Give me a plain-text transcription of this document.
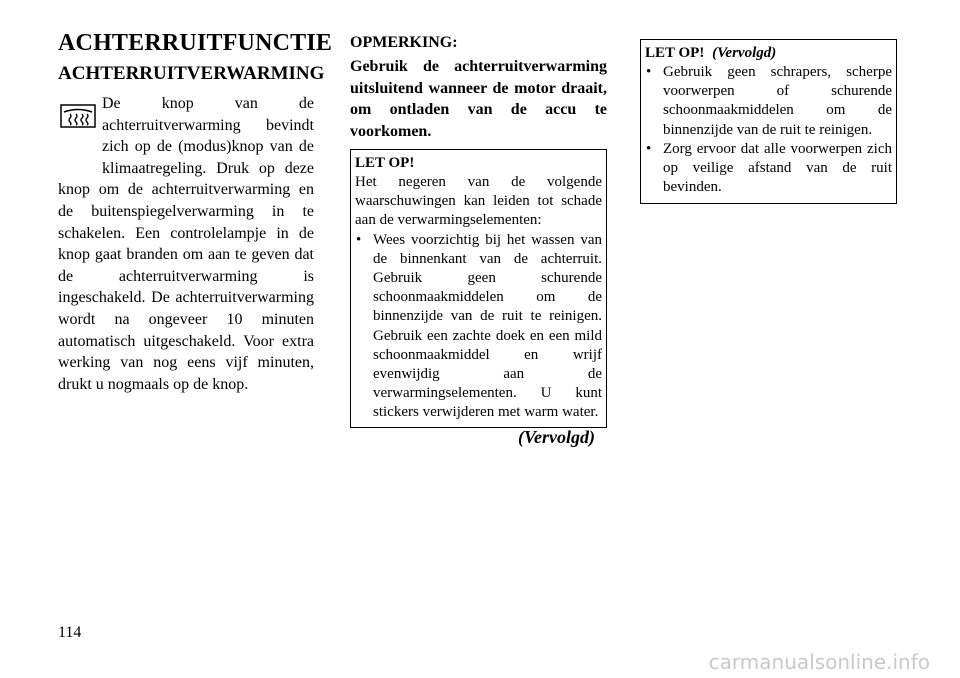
ACHTERRUITFUNCTIE
ACHTERRUITVERWARMING

De knop van de achterruitverwarming bevindt zich op de (modus)knop van de klimaatregeling. Druk op deze knop om de achterruitverwarming en de buitenspiegelverwarming in te schakelen. Een controlelampje in de knop gaat branden om aan te geven dat de achterruitverwarming is ingeschakeld. De achterruitverwarming wordt na ongeveer 10 minuten automatisch uitgeschakeld. Voor extra werking van nog eens vijf minuten, drukt u nogmaals op de knop.

OPMERKING:

Gebruik de achterruitverwarming uitsluitend wanneer de motor draait, om ontladen van de accu te voorkomen.

LET OP!

Het negeren van de volgende waarschuwingen kan leiden tot schade aan de verwarmingselementen:

• Wees voorzichtig bij het wassen van de binnenkant van de achterruit. Gebruik geen schurende schoonmaakmiddelen om de binnenzijde van de ruit te reinigen. Gebruik een zachte doek en een mild schoonmaakmiddel en wrijf evenwijdig aan de verwarmingselementen. U kunt stickers verwijderen met warm water.
(Vervolgd)

LET OP! (Vervolgd)

• Gebruik geen schrapers, scherpe voorwerpen of schurende schoonmaakmiddelen om de binnenzijde van de ruit te reinigen.
• Zorg ervoor dat alle voorwerpen zich op veilige afstand van de ruit bevinden.
114
carmanualsonline.info
